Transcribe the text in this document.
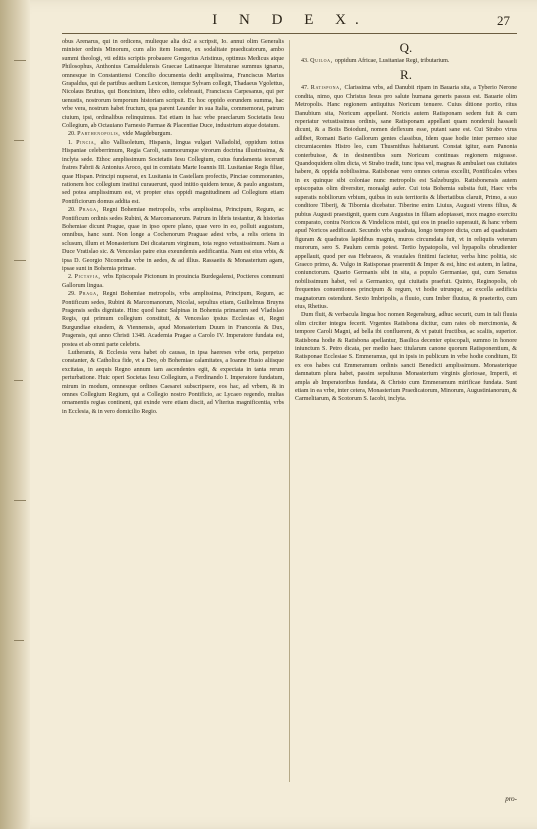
I N D E X.	27

obus Arenarus, qui in ordicens, mulieque alia do2 a scripsit, Io. annui olim Generalis minister ordinis Minorum, cum alio item Ioanne, ex sodalitate praedicatorum, ambo summi theologi, vti editis scriptis probauere Gregorius Aristinus, optimus Medicus atque Philosophus, Anthonius Camaldulensis Graecae Latinaeque literaturae summus ignarus, omnesque in Constantiensi Concilio documenta dedit amplissima, Franciscus Marius Grapaldus, qui de partibus aedium Lexicon, itemque Sylvam collegit, Thadaeus Vgolettus, Nicolaus Brutius, qui Boncinium, libro edito, celebrauit, Franciscus Carpesanus, qui per uenustis, nostrorum temporum historiam scripsit. Ex hoc oppido eorundem summa, hac vrbe vera, nostrum habet fructum, qua parent Leander in sua Italia, commemorat, patrum ciuium, ipsi, ordinalibus relinquimus. Est etiam in hac vrbe praeclarum Societatis Iesu Collegium, ab Octauiano Farnesio Parmae & Placentiae Duce, industrium atque dotatum.

20. Parthenopolis, vide Magdeburgum.

1. Pincia, alio Vallisoletum, Hispanis, lingua vulgari Valladolid, oppidum totius Hispaniae celeberrimum, Regia Caroli, summorumque virorum doctrina illustrissima, & inclyta sede. Ethoc amplissimum Societatis Iesu Collegium, cuius fundamenta iecerunt fratres Fabrii & Antonius Aroco, qui in comitatu Marte Ioannis III. Lusitaniae Regis filiae, quae Hispan. Principi nupserat, ex Lusitania in Castellam profectis, Pinciae commorantes, rationem hoc collegium institui curauerunt, quod intitio quidem tenue, & paulo angustum, sed potea amplissimum est, vt propter eius oppidi magnitudinem ad Collegium etiam Pontificiorum domus addita est.

20. Praga, Regni Bohemiae metropolis, vrbs amplissima, Principum, Regum, ac Pontificum ordinis sedes Rubini, & Marcomanorum. Patrum in libris testantur, & historias Bohemiae dicunt Prague, quae in ipso opere plano, quae vero in eo, polluit augustum, omnibus, hanc sunt. Non longe a Cochenorum Praguae adest vrbs, a relis oriens in sclusum, illum et Monasterium Dei dicatarum virginum, tota regno vetustissimum. Nam a Duce Vratislao sic. & Venceslao patre eius exeundemis aedificantia. Nam est eius vrbis, & ipsa D. Georgio Nicomedia vrbe in aedes, & ad illius. Rassaeiis & Monasterium agam, ipsae sunt in Bohemia primae.

2. Pictavia, vrbs Episcopale Pictonum in prouincia Burdegalensi, Poctieres communi Gallorum lingua.

29. Praga, Regni Bohemiae metropolis, vrbs amplissima, Principum, Regum, ac Pontificum sedes, Rubini & Marcomanorum, Nicolai, sepultus etiam, Guilielmus Bruyns Pragensis sedis dignitate. Hinc quod hanc Salpinas in Bohemia primarum sed Vladislao Regis, qui primum collegium constituit, & Venceslao ipsius Ecclesias ei, Regni Burgundiae eiusdem, & Viennensis, apud Monasterium Duum in Franconia & Dux, Pragensis, qui anno Christi 1348. Academia Pragae a Carolo IV. Imperatore fundata est, postea et ab omni parte celebris.

Lutheranis, & Ecclesia vera habet ob causas, in ipsa haereses vrbe orta, perpetuo constanter, & Catholica fide, vt a Deo, ob Bohemiae calamitates, a Ioanne Husio aliisque excitatas, in aequis Regno annum iam ascendentes egit, & expectata in tanta rerum perturbatione. Huic operi Societas Iesu Collegium, a Ferdinando I. Imperatore fundatum, mirum in modum, omnesque ordines Caesarei subscripsere, eos hac, ad vrbem, & in omnes Collegium Regium, qui a Collegio nostro Pontificio, ac Lycaeo regendo, multas ornamentis regias continent, qui exinde vere etiam discit, ad Vlterius magnificentia, vrbs in Ecclesia, & in vero domicilio Regio.

Q.

43. Quiloa, oppidum Africae, Lusitaniae Regi, tributarium.

R.

47. Ratispona, Clarissima vrbs, ad Danubii ripam in Bauaria sita, a Tyberio Nerone condita, nimo, quo Christus Iesus pro salute humana generis passus est. Bauarie olim Metropolis. Hanc regionem antiquitus Noricum tenuere. Cuius ditione portio, ritus Danubium sita, Noricum appellant. Noricis autem Ratisponam sedem fuit & cum reperiatur vetustissimus ordinis, sane Ratisponam appellant quam nonderuli hassaeli dicunt, & a Boiis Boioduni, nomen deflexum esse, putant sane est. Cui Strabo virus adlibet, Romani Bario Gallorum gentes classibus, Idem quae hodie inter permeo siue circumiacentes Histro leo, cum Thusmithus habitarunt. Constat igitur, eam Panonia conterbuisse, & in desinentibus sum Noricum continuas regionem migrasse. Quandoquidem olim dicta, vt Strabo tradit, tunc ipsa vel, magnas & ambulaet oas ciuitates habere, & oppida nobilissima. Ratisbonae vero omnes ceteras excellit, Pontificales vrbes in ex quinque sibi coloniae nunc metropolis est Salzeburgio. Ratisbonensis autem episcopatus olim diversiter, moraalgi aufer. Cui tota Bohemia subsita fuit, Haec vrbs superatis nobiliorum vrbium, quibus in suis territoriis & libertatibus claruit, Primo, a suo conditore Tiberij, & Tibornia dicebatur. Tiberine enim Liuius, Augusti virens filius, & pubius Augusti praestignit, quem cum Augustus in filiam adoptasset, mox magno exercitu comparato, contra Noricos & Vindelicos misit, qui eos in praelio superauit, & hanc vrbem apud Noricos aedificauit. Secundo vrbs quadrata, longo tempore dicta, cum ad quadratam figuram & quadratos lapidibus magnis, muros circumdata fuit, vt in reliquiis veterum murorum, sero S. Paulum cernis potest. Tertio hypatopolis, vel hypapolis obrudienter appellauit, quod per eas Hebraeos, & vrauiales finitimi facietur, verba hinc politia, sic Graeco primo, &. Vulgo in Ratisponae praerentit & Imper & est, hinc est autem, in latina, coniunctorum. Quarto Germanis sibi in sita, a populo Germaniae, qui, cum Senatus nobilissimum habet, vel a Germanico, qui ciuitatis praefuit. Quinto, Reginopolis, ob frequentes conuentiones principum & regum, vt hodie utrunque, ac excella aedificia magnatorum ostendunt. Sexto Imbripolis, a fluuio, cum Imber fluuius, & praeterito, cum eius, Rhetius.

Dum fluit, & verbacula lingua hoc nomen Regensburg, adhuc securit, cum in tali fluuia olim circiter integra fecerit. Vrgentes Ratisbona dicitur, cum rates ob mercimonia, & tempore Caroli Magni, ad bella ibi confluerent, & vt patuit fructibus, ac scaliis, superior. Ratisbona hodie & Ratisbona apellantur, Basilica decenter episcopali, summo in honore iniunctum S. Petro dicata, per medio haec titularum canone quorum Ratisponentium, & Ratisponae Ecclesiae S. Emmeramus, qui in ipsis in publicum in vrbe hodie conditum, Et ex eos habes cui Emmeramum ordinis sancti Benedicti amplissimum. Monasterique damnatum plura habet, passim sepulturas Monasterium virginis gloriosae, Imperii, et ampla ab Imperatoribus fundata, & Christo cum Emmeramum mirificae fundata. Sunt etiam in ea vrbe, inter cetera, Monasterium Praedicatorum, Minorum, Augustinianorum, & Carmelitarum, & Scotorum S. Iacobi, inclyta.

pro-
